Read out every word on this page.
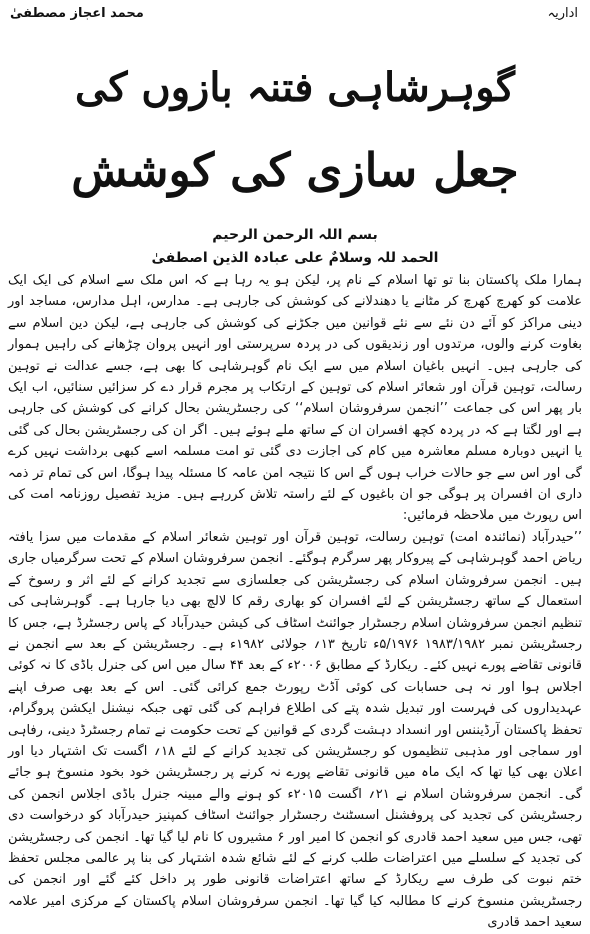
محمد اعجاز مصطفیٰ	اداریہ
گوہرشاہی فتنہ بازوں کی
جعل سازی کی کوشش
بسم اللہ الرحمن الرحیم
الحمد للہ وسلامٌ علی عبادہ الذین اصطفیٰ

ہمارا ملک پاکستان بنا تو تھا اسلام کے نام پر، لیکن ہو یہ رہا ہے کہ اس ملک سے اسلام کی ایک ایک علامت کو کھرچ کھرچ کر مٹانے یا دھندلانے کی کوشش کی جارہی ہے۔ مدارس، اہل مدارس، مساجد اور دینی مراکز کو آئے دن نئے سے نئے قوانین میں جکڑنے کی کوشش کی جارہی ہے، لیکن دین اسلام سے بغاوت کرنے والوں، مرتدوں اور زندیقوں کی در پردہ سرپرستی اور انہیں پروان چڑھانے کی راہیں ہموار کی جارہی ہیں۔ انہیں باغیان اسلام میں سے ایک نام گوہرشاہی کا بھی ہے، جسے عدالت نے توہین رسالت، توہین قرآن اور شعائر اسلام کی توہین کے ارتکاب پر مجرم قرار دے کر سزائیں سنائیں، اب ایک بار پھر اس کی جماعت ’’انجمن سرفروشان اسلام‘‘ کی رجسٹریشن بحال کرانے کی کوشش کی جارہی ہے اور لگتا ہے کہ در پردہ کچھ افسران ان کے ساتھ ملے ہوئے ہیں۔ اگر ان کی رجسٹریشن بحال کی گئی یا انہیں دوبارہ مسلم معاشرہ میں کام کی اجازت دی گئی تو امت مسلمہ اسے کبھی برداشت نہیں کرے گی اور اس سے جو حالات خراب ہوں گے اس کا نتیجہ امن عامہ کا مسئلہ پیدا ہوگا، اس کی تمام تر ذمہ داری ان افسران پر ہوگی جو ان باغیوں کے لئے راستہ تلاش کررہے ہیں۔ مزید تفصیل روزنامہ امت کی اس رپورٹ میں ملاحظہ فرمائیں:

’’حیدرآباد (نمائندہ امت) توہین رسالت، توہین قرآن اور توہین شعائر اسلام کے مقدمات میں سزا یافتہ ریاض احمد گوہرشاہی کے پیروکار پھر سرگرم ہوگئے۔ انجمن سرفروشان اسلام کے تحت سرگرمیاں جاری ہیں۔ انجمن سرفروشان اسلام کی رجسٹریشن کی جعلسازی سے تجدید کرانے کے لئے اثر و رسوخ کے استعمال کے ساتھ رجسٹریشن کے لئے افسران کو بھاری رقم کا لالچ بھی دیا جارہا ہے۔ گوہرشاہی کی تنظیم انجمن سرفروشان اسلام رجسٹرار جوائنٹ اسٹاف کی کیشن حیدرآباد کے پاس رجسٹرڈ ہے، جس کا رجسٹریشن نمبر ۱۹۸۳/۱۹۸۲ ۵/۱۹۷۶ء تاریخ ۱۳؍ جولائی ۱۹۸۲ء ہے۔ رجسٹریشن کے بعد سے انجمن نے قانونی تقاضے پورے نہیں کئے۔ ریکارڈ کے مطابق ۲۰۰۶ء کے بعد ۴۴ سال میں اس کی جنرل باڈی کا نہ کوئی اجلاس ہوا اور نہ ہی حسابات کی کوئی آڈٹ رپورٹ جمع کرائی گئی۔ اس کے بعد بھی صرف اپنے عہدیداروں کی فہرست اور تبدیل شدہ پتے کی اطلاع فراہم کی گئی تھی جبکہ نیشنل ایکشن پروگرام، تحفظ پاکستان آرڈیننس اور انسداد دہشت گردی کے قوانین کے تحت حکومت نے تمام رجسٹرڈ دینی، رفاہی اور سماجی اور مذہبی تنظیموں کو رجسٹریشن کی تجدید کرانے کے لئے ۱۸؍ اگست تک اشتہار دیا اور اعلان بھی کیا تھا کہ ایک ماہ میں قانونی تقاضے پورے نہ کرنے پر رجسٹریشن خود بخود منسوخ ہو جائے گی۔ انجمن سرفروشان اسلام نے ۲۱؍ اگست ۲۰۱۵ء کو ہونے والے مبینہ جنرل باڈی اجلاس انجمن کی رجسٹریشن کی تجدید کی پروفشنل اسسٹنٹ رجسٹرار جوائنٹ اسٹاف کمپنیز حیدرآباد کو درخواست دی تھی، جس میں سعید احمد قادری کو انجمن کا امیر اور ۶ مشیروں کا نام لیا گیا تھا۔ انجمن کی رجسٹریشن کی تجدید کے سلسلے میں اعتراضات طلب کرنے کے لئے شائع شدہ اشتہار کی بنا پر عالمی مجلس تحفظ ختم نبوت کی طرف سے ریکارڈ کے ساتھ اعتراضات قانونی طور پر داخل کئے گئے اور انجمن کی رجسٹریشن منسوخ کرنے کا مطالبہ کیا گیا تھا۔ انجمن سرفروشان اسلام پاکستان کے مرکزی امیر علامہ سعید احمد قادری
